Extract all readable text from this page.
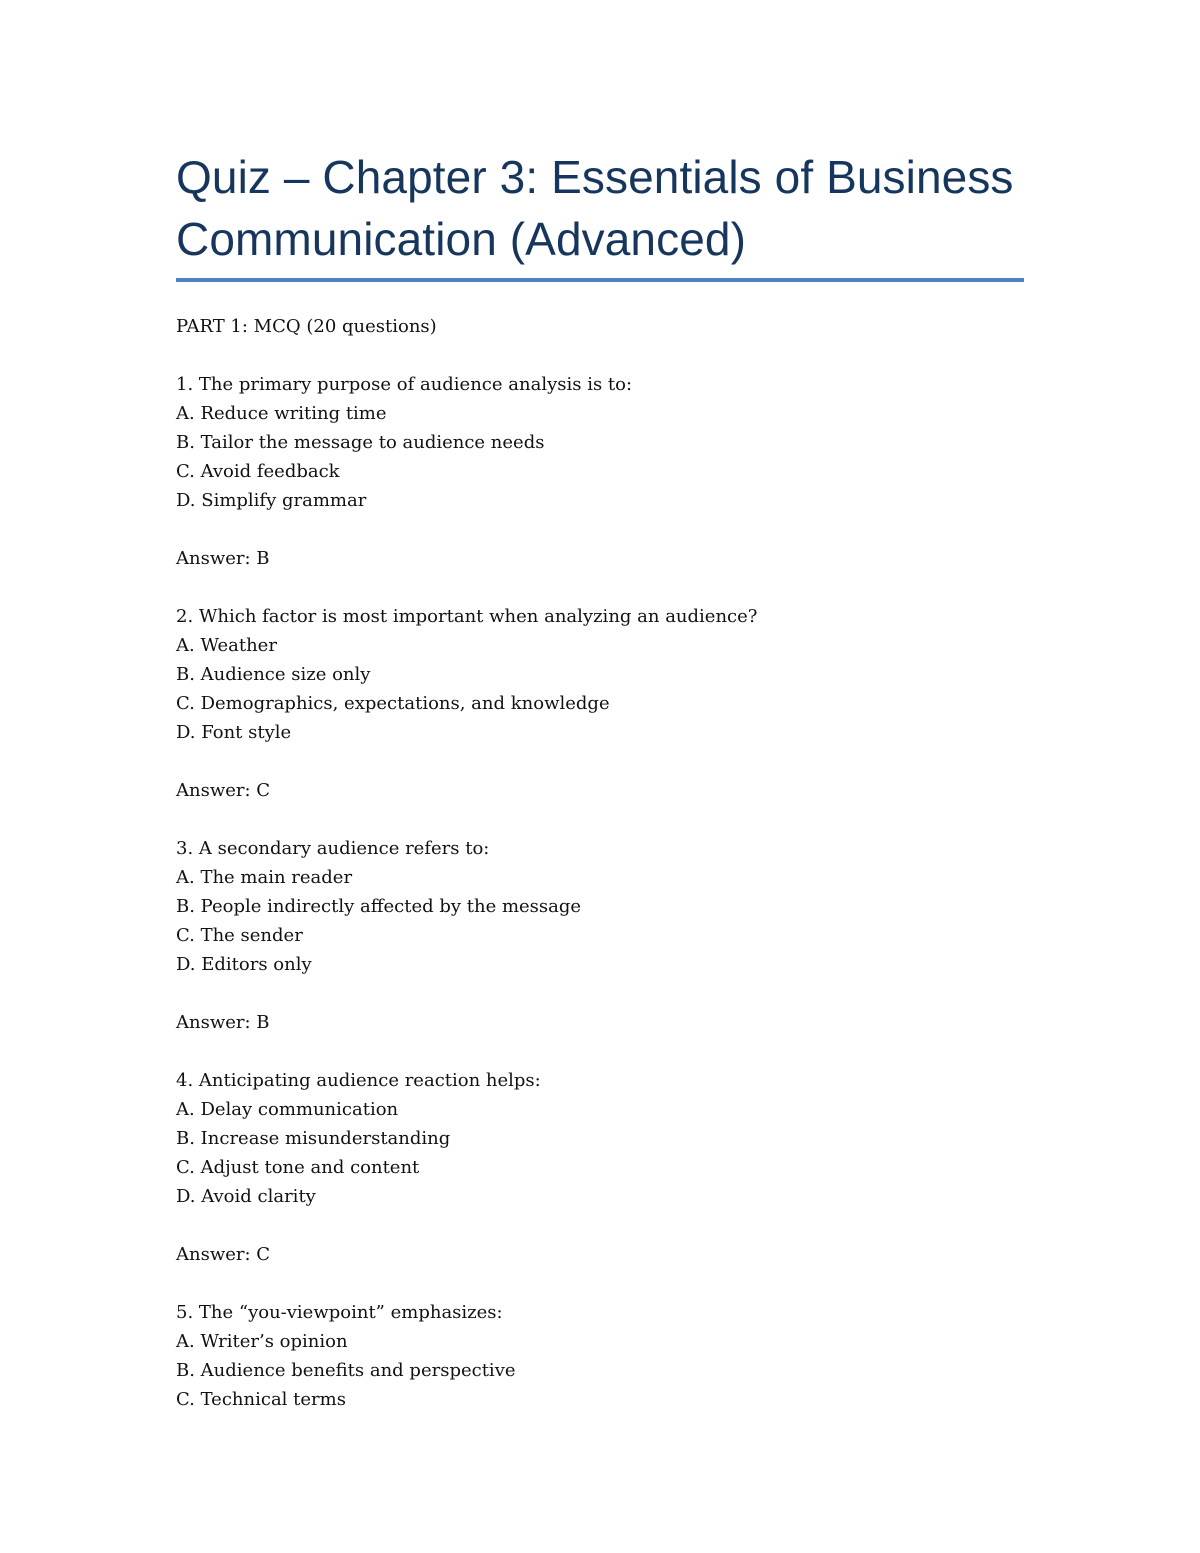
Quiz – Chapter 3: Essentials of Business
Communication (Advanced)
PART 1: MCQ (20 questions)
1. The primary purpose of audience analysis is to:
A. Reduce writing time
B. Tailor the message to audience needs
C. Avoid feedback
D. Simplify grammar
Answer: B
2. Which factor is most important when analyzing an audience?
A. Weather
B. Audience size only
C. Demographics, expectations, and knowledge
D. Font style
Answer: C
3. A secondary audience refers to:
A. The main reader
B. People indirectly affected by the message
C. The sender
D. Editors only
Answer: B
4. Anticipating audience reaction helps:
A. Delay communication
B. Increase misunderstanding
C. Adjust tone and content
D. Avoid clarity
Answer: C
5. The “you-viewpoint” emphasizes:
A. Writer’s opinion
B. Audience benefits and perspective
C. Technical terms
